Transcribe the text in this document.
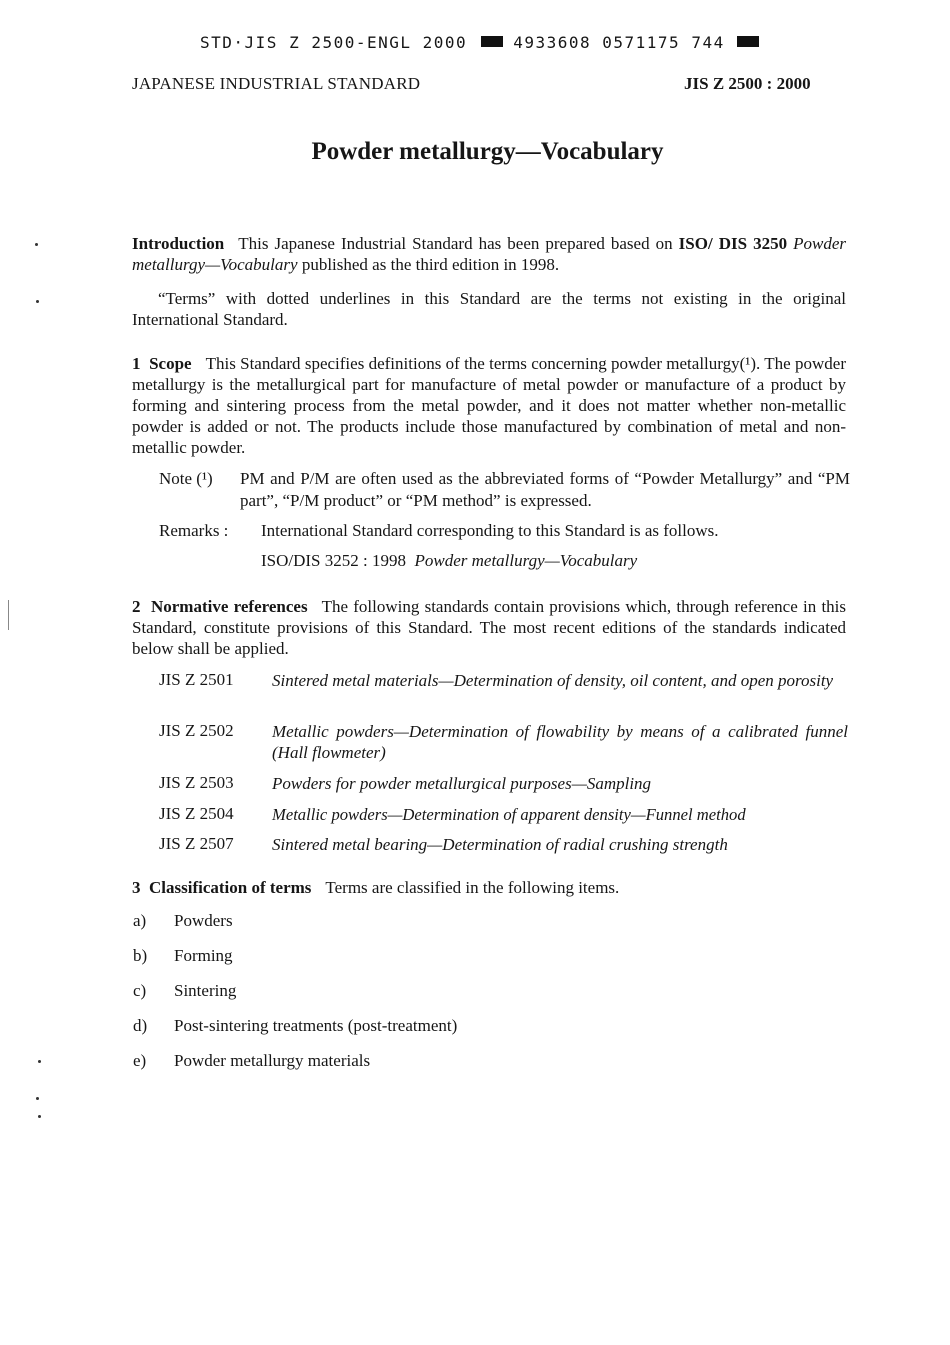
STD·JIS Z 2500-ENGL 2000	4933608 0571175 744
JAPANESE INDUSTRIAL STANDARD	JIS Z 2500 : 2000
Powder metallurgy—Vocabulary
Introduction This Japanese Industrial Standard has been prepared based on ISO/ DIS 3250 Powder metallurgy—Vocabulary published as the third edition in 1998.
“Terms” with dotted underlines in this Standard are the terms not existing in the original International Standard.
1 Scope This Standard specifies definitions of the terms concerning powder metallurgy(¹). The powder metallurgy is the metallurgical part for manufacture of metal powder or manufacture of a product by forming and sintering process from the metal powder, and it does not matter whether non-metallic powder is added or not. The products include those manufactured by combination of metal and non-metallic powder.
Note (¹) PM and P/M are often used as the abbreviated forms of “Powder Metallurgy” and “PM part”, “P/M product” or “PM method” is expressed.
Remarks : International Standard corresponding to this Standard is as follows.
ISO/DIS 3252 : 1998 Powder metallurgy—Vocabulary
2 Normative references The following standards contain provisions which, through reference in this Standard, constitute provisions of this Standard. The most recent editions of the standards indicated below shall be applied.
JIS Z 2501 Sintered metal materials—Determination of density, oil content, and open porosity
JIS Z 2502 Metallic powders—Determination of flowability by means of a calibrated funnel (Hall flowmeter)
JIS Z 2503 Powders for powder metallurgical purposes—Sampling
JIS Z 2504 Metallic powders—Determination of apparent density—Funnel method
JIS Z 2507 Sintered metal bearing—Determination of radial crushing strength
3 Classification of terms Terms are classified in the following items.
a) Powders
b) Forming
c) Sintering
d) Post-sintering treatments (post-treatment)
e) Powder metallurgy materials
